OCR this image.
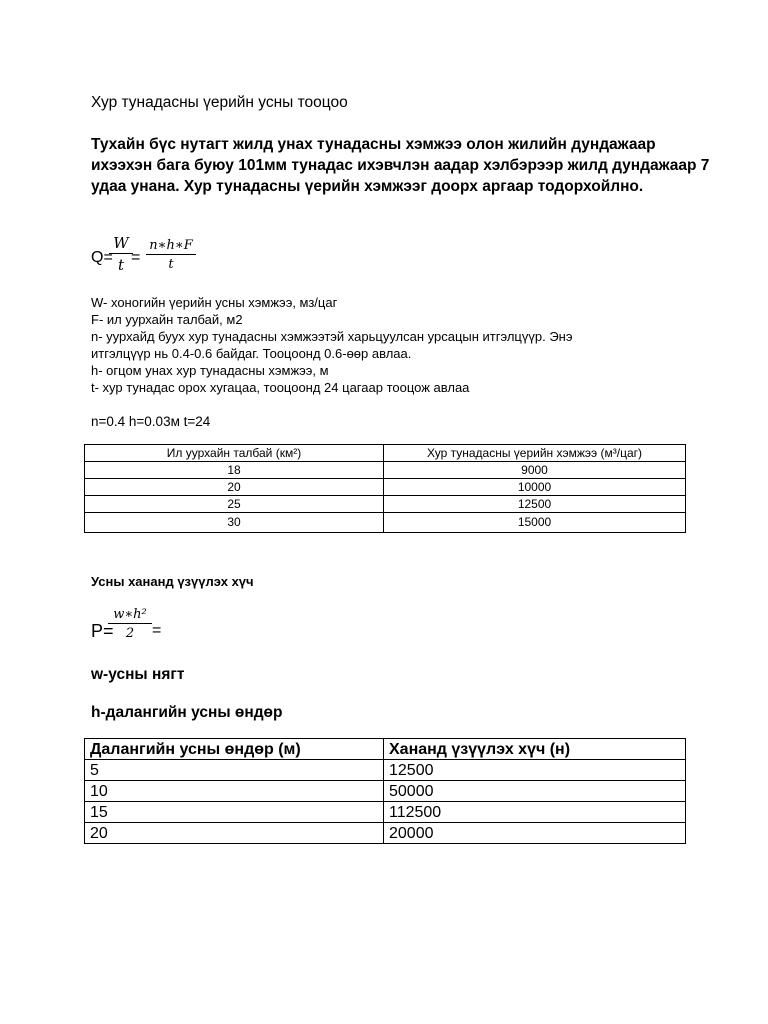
Хур тунадасны үерийн усны тооцоо
Тухайн бүс нутагт жилд унах тунадасны хэмжээ олон жилийн дундажаар ихээхэн бага буюу 101мм тунадас ихэвчлэн аадар хэлбэрээр жилд дундажаар 7 удаа унана. Хур тунадасны үерийн хэмжээг доорх аргаар тодорхойлно.
Q=
$\frac{W}{t}$
= $\frac{n∗h∗F}{t}$
W- хоногийн үерийн усны хэмжээ, мз/цаг
F- ил уурхайн талбай, м2
n- уурхайд буух хур тунадасны хэмжээтэй харьцуулсан урсацын итгэлцүүр. Энэ
итгэлцүүр нь 0.4-0.6 байдаг. Тооцоонд 0.6-өөр авлаа.
h- огцом унах хур тунадасны хэмжээ, м
t- хур тунадас орох хугацаа, тооцоонд 24 цагаар тооцож авлаа
n=0.4 h=0.03м t=24
Ил уурхайн талбай (км²)	Хур тунадасны үерийн хэмжээ (м³/цаг)
18	9000
20	10000
25	12500
30	15000
Усны хананд үзүүлэх хүч
P=
$\frac{\text{w∗h²}}{2}$ =
w-усны нягт
h-далангийн усны өндөр
Далангийн усны өндөр (м)	Хананд үзүүлэх хүч (н)
5	12500
10	50000
15	112500
20	20000
